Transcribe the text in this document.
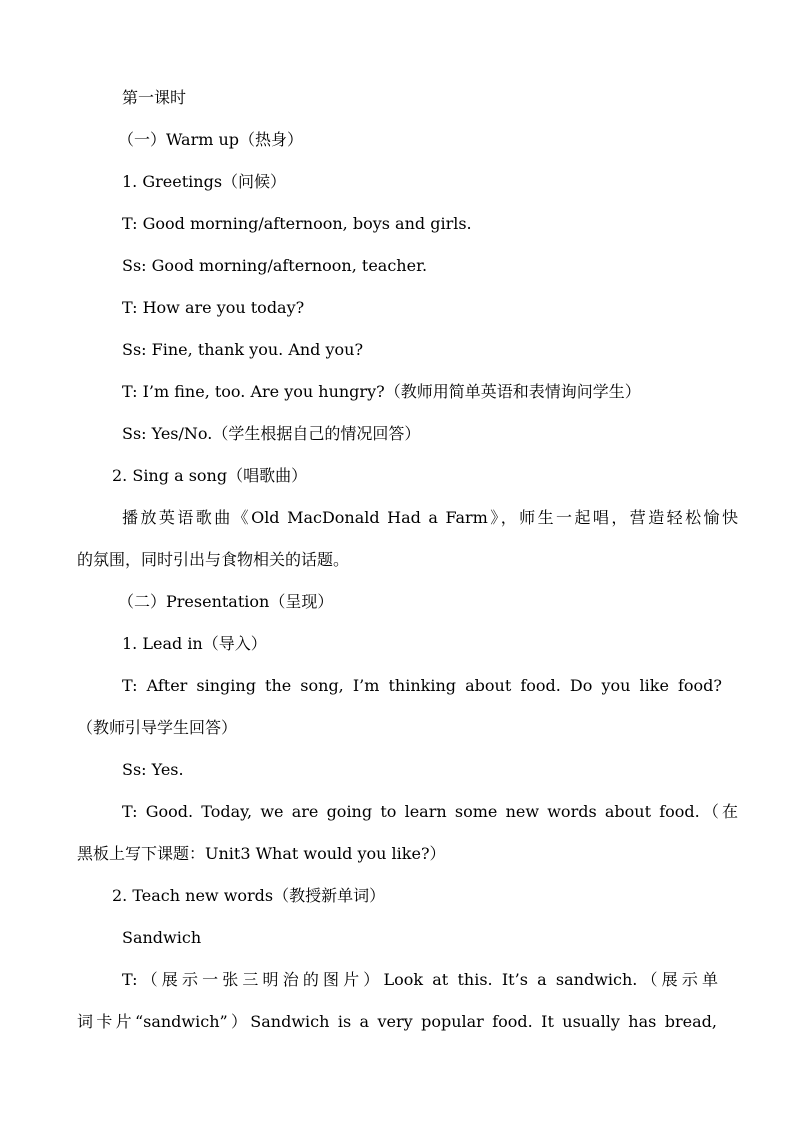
第一课时
（一）Warm up（热身）
1. Greetings（问候）
T: Good morning/afternoon, boys and girls.
Ss: Good morning/afternoon, teacher.
T: How are you today?
Ss: Fine, thank you. And you?
T: I’m fine, too. Are you hungry?（教师用简单英语和表情询问学生）
Ss: Yes/No.（学生根据自己的情况回答）
2. Sing a song（唱歌曲）
播放英语歌曲《Old MacDonald Had a Farm》，师生一起唱，营造轻松愉快
的氛围，同时引出与食物相关的话题。
（二）Presentation（呈现）
1. Lead in（导入）
T: After singing the song, I’m thinking about food. Do you like food?
（教师引导学生回答）
Ss: Yes.
T: Good. Today, we are going to learn some new words about food.（在
黑板上写下课题：Unit3 What would you like?）
2. Teach new words（教授新单词）
Sandwich
T:（展示一张三明治的图片）Look at this. It’s a sandwich.（展示单
词卡片“sandwich”）Sandwich is a very popular food. It usually has bread,
